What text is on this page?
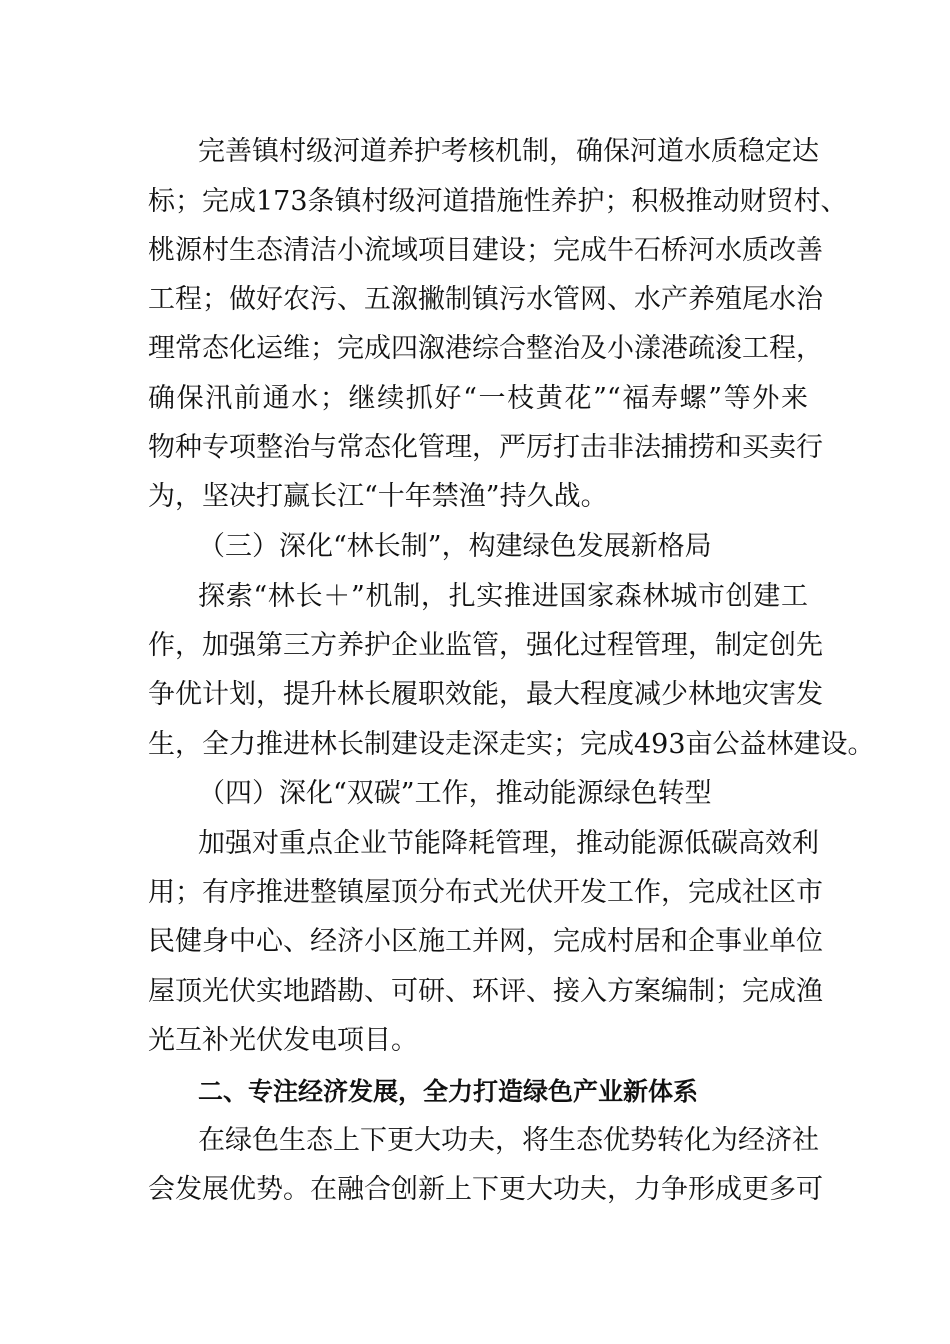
完善镇村级河道养护考核机制，确保河道水质稳定达
标；完成173条镇村级河道措施性养护；积极推动财贸村、
桃源村生态清洁小流域项目建设；完成牛石桥河水质改善
工程；做好农污、五溆撇制镇污水管网、水产养殖尾水治
理常态化运维；完成四溆港综合整治及小漾港疏浚工程，
确保汛前通水；继续抓好“一枝黄花”“福寿螺”等外来
物种专项整治与常态化管理，严厉打击非法捕捞和买卖行
为，坚决打赢长江“十年禁渔”持久战。
（三）深化“林长制”，构建绿色发展新格局
探索“林长＋”机制，扎实推进国家森林城市创建工
作，加强第三方养护企业监管，强化过程管理，制定创先
争优计划，提升林长履职效能，最大程度减少林地灾害发
生，全力推进林长制建设走深走实；完成493亩公益林建设。
（四）深化“双碳”工作，推动能源绿色转型
加强对重点企业节能降耗管理，推动能源低碳高效利
用；有序推进整镇屋顶分布式光伏开发工作，完成社区市
民健身中心、经济小区施工并网，完成村居和企事业单位
屋顶光伏实地踏勘、可研、环评、接入方案编制；完成渔
光互补光伏发电项目。
二、专注经济发展，全力打造绿色产业新体系
在绿色生态上下更大功夫，将生态优势转化为经济社
会发展优势。在融合创新上下更大功夫，力争形成更多可
